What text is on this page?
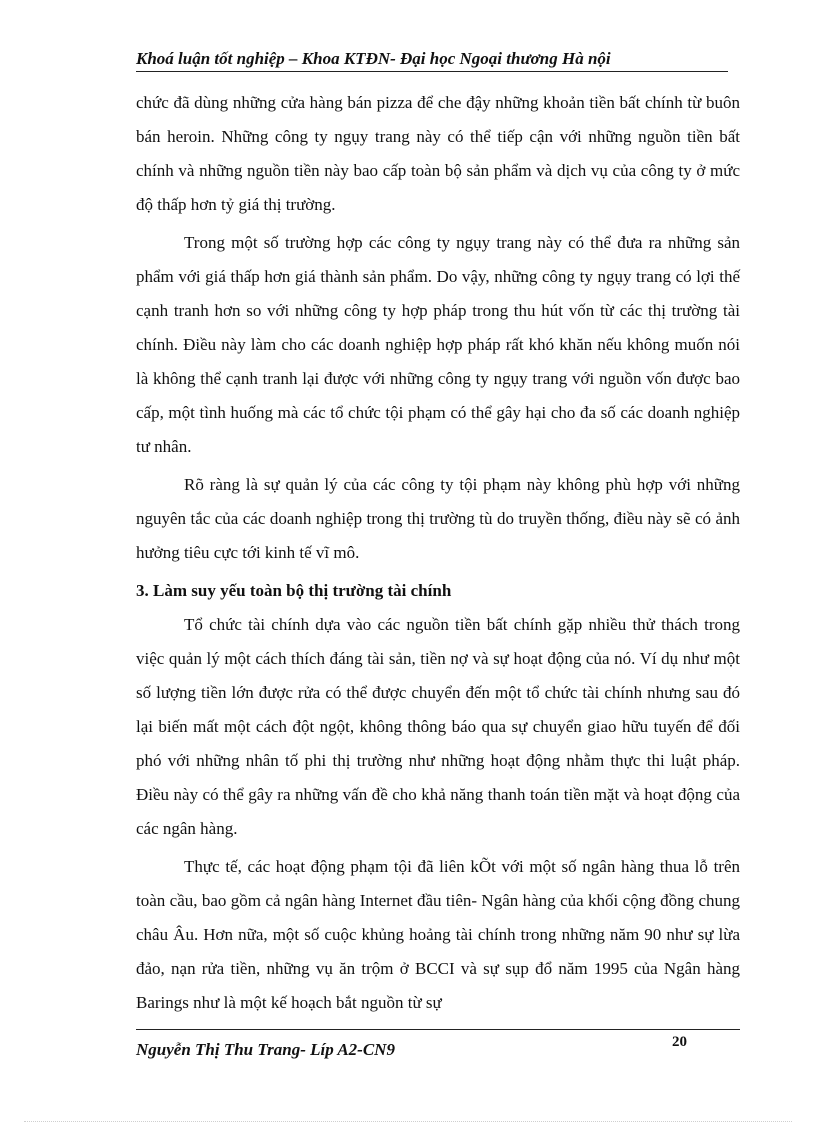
Khoá luận tốt nghiệp – Khoa KTĐN- Đại học Ngoại thương Hà nội

chức đã dùng những cửa hàng bán pizza để che đậy những khoản tiền bất chính từ buôn bán heroin. Những công ty ngụy trang này có thể tiếp cận với những nguồn tiền bất chính và những nguồn tiền này bao cấp toàn bộ sản phẩm và dịch vụ của công ty ở mức độ thấp hơn tỷ giá thị trường.

Trong một số trường hợp các công ty ngụy trang này có thể đưa ra những sản phẩm với giá thấp hơn giá thành sản phẩm. Do vậy, những công ty ngụy trang có lợi thế cạnh tranh hơn so với những công ty hợp pháp trong thu hút vốn từ các thị trường tài chính. Điều này làm cho các doanh nghiệp hợp pháp rất khó khăn nếu không muốn nói là không thể cạnh tranh lại được với những công ty ngụy trang với nguồn vốn được bao cấp, một tình huống mà các tổ chức tội phạm có thể gây hại cho đa số các doanh nghiệp tư nhân.

Rõ ràng là sự quản lý của các công ty tội phạm này không phù hợp với những nguyên tắc của các doanh nghiệp trong thị trường tù do truyền thống, điều này sẽ có ảnh hưởng tiêu cực tới kinh tế vĩ mô.

3. Làm suy yếu toàn bộ thị trường tài chính

Tổ chức tài chính dựa vào các nguồn tiền bất chính gặp nhiều thử thách trong việc quản lý một cách thích đáng tài sản, tiền nợ và sự hoạt động của nó. Ví dụ như một số lượng tiền lớn được rửa có thể được chuyển đến một tổ chức tài chính nhưng sau đó lại biến mất một cách đột ngột, không thông báo qua sự chuyển giao hữu tuyến để đối phó với những nhân tố phi thị trường như những hoạt động nhằm thực thi luật pháp. Điều này có thể gây ra những vấn đề cho khả năng thanh toán tiền mặt và hoạt động của các ngân hàng.

Thực tế, các hoạt động phạm tội đã liên kÕt với một số ngân hàng thua lỗ trên toàn cầu, bao gồm cả ngân hàng Internet đầu tiên- Ngân hàng của khối cộng đồng chung châu Âu. Hơn nữa, một số cuộc khủng hoảng tài chính trong những năm 90 như sự lừa đảo, nạn rửa tiền, những vụ ăn trộm ở BCCI và sự sụp đổ năm 1995 của Ngân hàng Barings như là một kế hoạch bắt nguồn từ sự

Nguyễn Thị Thu Trang- Líp A2-CN9	20
